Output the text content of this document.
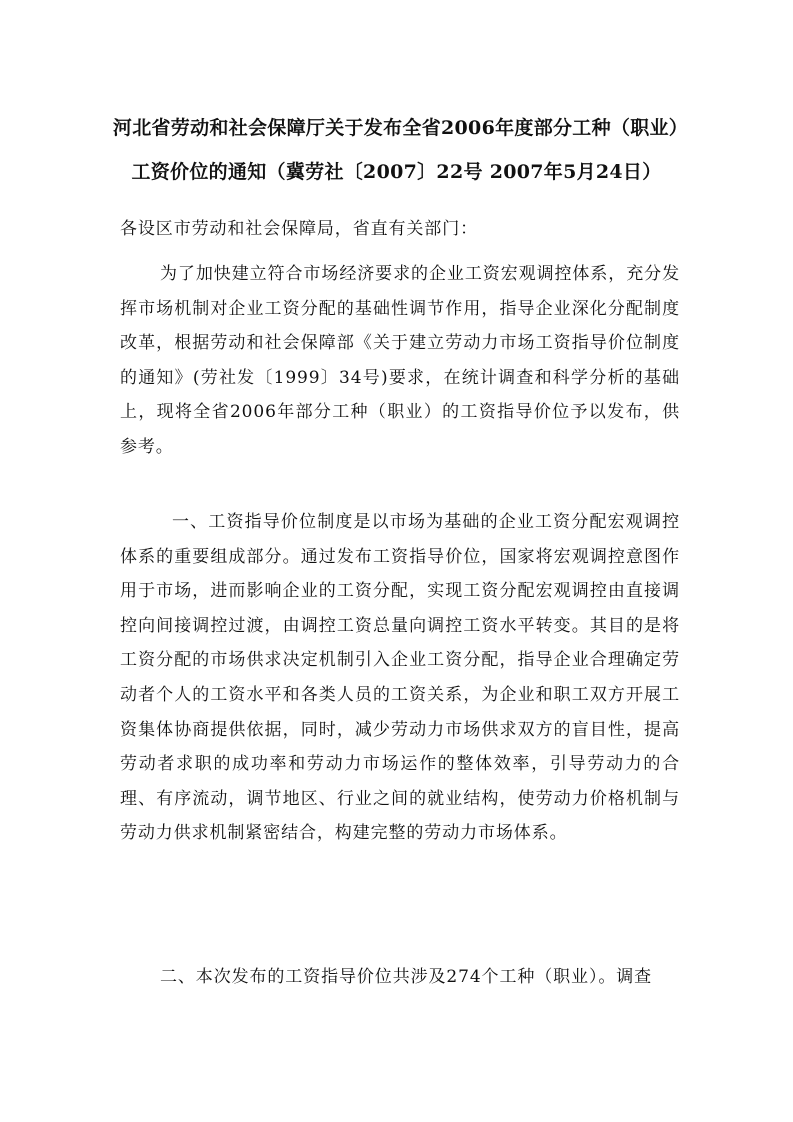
河北省劳动和社会保障厅关于发布全省2006年度部分工种（职业）
工资价位的通知（冀劳社〔2007〕22号 2007年5月24日）
各设区市劳动和社会保障局，省直有关部门：
为了加快建立符合市场经济要求的企业工资宏观调控体系，充分发挥市场机制对企业工资分配的基础性调节作用，指导企业深化分配制度改革，根据劳动和社会保障部《关于建立劳动力市场工资指导价位制度的通知》(劳社发〔1999〕34号)要求，在统计调查和科学分析的基础上，现将全省2006年部分工种（职业）的工资指导价位予以发布，供参考。
一、工资指导价位制度是以市场为基础的企业工资分配宏观调控体系的重要组成部分。通过发布工资指导价位，国家将宏观调控意图作用于市场，进而影响企业的工资分配，实现工资分配宏观调控由直接调控向间接调控过渡，由调控工资总量向调控工资水平转变。其目的是将工资分配的市场供求决定机制引入企业工资分配，指导企业合理确定劳动者个人的工资水平和各类人员的工资关系，为企业和职工双方开展工资集体协商提供依据，同时，减少劳动力市场供求双方的盲目性，提高劳动者求职的成功率和劳动力市场运作的整体效率，引导劳动力的合理、有序流动，调节地区、行业之间的就业结构，使劳动力价格机制与劳动力供求机制紧密结合，构建完整的劳动力市场体系。
二、本次发布的工资指导价位共涉及274个工种（职业）。调查
